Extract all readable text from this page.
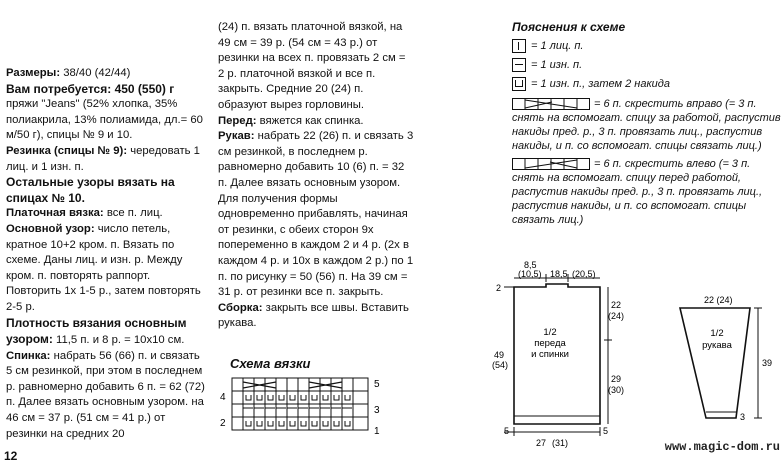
Размеры: 38/40 (42/44)

Вам потребуется: 450 (550) г

пряжи "Jeans" (52% хлопка, 35% полиакрила, 13% полиамида, дл.= 60 м/50 г), спицы № 9 и 10.

Резинка (спицы № 9): чередовать 1 лиц. и 1 изн. п.

Остальные узоры вязать на спицах № 10.

Платочная вязка: все п. лиц.

Основной узор: число петель, кратное 10+2 кром. п. Вязать по схеме. Даны лиц. и изн. р. Между кром. п. повторять раппорт. Повторить 1х 1-5 р., затем повторять 2-5 р.

Плотность вязания основным узором: 11,5 п. и 8 р. = 10x10 см.

Спинка: набрать 56 (66) п. и связать 5 см резинкой, при этом в последнем р. равномерно добавить 6 п. = 62 (72) п. Далее вязать основным узором. на 46 см = 37 р. (51 см = 41 р.) от резинки на средних 20

(24) п. вязать платочной вязкой, на 49 см = 39 р. (54 см = 43 р.) от резинки на всех п. провязать 2 см = 2 р. платочной вязкой и все п. закрыть. Средние 20 (24) п. образуют вырез горловины.

Перед: вяжется как спинка.

Рукав: набрать 22 (26) п. и связать 3 см резинкой, в последнем р. равномерно добавить 10 (6) п. = 32 п. Далее вязать основным узором. Для получения формы одновременно прибавлять, начиная от резинки, с обеих сторон 9х попеременно в каждом 2 и 4 р. (2х в каждом 4 р. и 10х в каждом 2 р.) по 1 п. по рисунку = 50 (56) п. На 39 см = 31 р. от резинки все п. закрыть.

Сборка: закрыть все швы. Вставить рукава.

Схема вязки
5
4
3
2
1

Пояснения к схеме

= 1 лиц. п.
= 1 изн. п.
= 1 изн. п., затем 2 накида
= 6 п. скрестить вправо (= 3 п. снять на вспомогат. спицу за работой, распустив накиды пред. р., 3 п. провязать лиц., распустив накиды, и п. со вспомогат. спицы связать лиц.)
= 6 п. скрестить влево (= 3 п. снять на вспомогат. спицу перед работой, распустив накиды пред. р., 3 п. провязать лиц., распустив накиды, и п. со вспомогат. спицы связать лиц.)
8,5
(10,5) 18,5 (20,5)
2
22
(24)
49
(54)
29
(30)
5	5
27 (31)
1/2
переда
и спинки
22 (24)
39
3
1/2
рукава
www.magic-dom.ru
12
